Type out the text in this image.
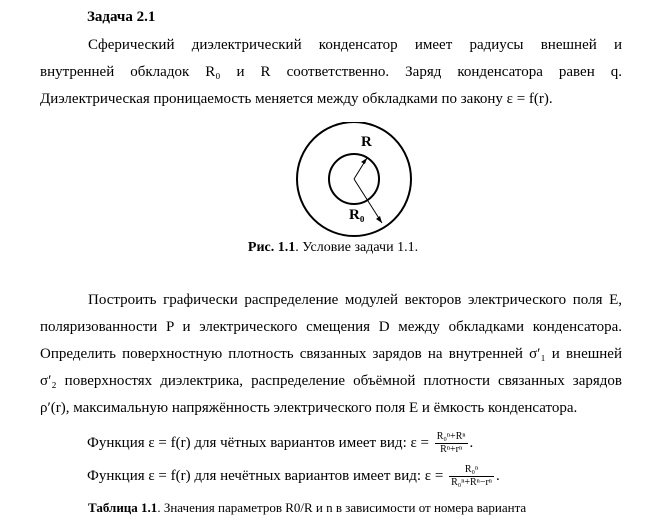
Задача 2.1
Сферический диэлектрический конденсатор имеет радиусы внешней и
внутренней обкладок R₀ и R соответственно. Заряд конденсатора равен q.
Диэлектрическая проницаемость меняется между обкладками по закону ε = f(r).
R
R₀
Рис. 1.1. Условие задачи 1.1.
Построить графически распределение модулей векторов электрического поля E,
поляризованности P и электрического смещения D между обкладками конденсатора.
Определить поверхностную плотность связанных зарядов на внутренней σ′₁ и внешней
σ′₂ поверхностях диэлектрика, распределение объёмной плотности связанных зарядов
ρ′(r), максимальную напряжённость электрического поля E и ёмкость конденсатора.
Функция ε = f(r) для чётных вариантов имеет вид: $\varepsilon = \frac{\text{R₀ⁿ+Rⁿ}}{\text{Rⁿ+rⁿ}}$ .
Функция ε = f(r) для нечётных вариантов имеет вид: $\varepsilon = \frac{\text{R₀ⁿ}}{\text{R₀ⁿ+Rⁿ−rⁿ}}$ .
Таблица 1.1. Значения параметров R0/R и n в зависимости от номера варианта
